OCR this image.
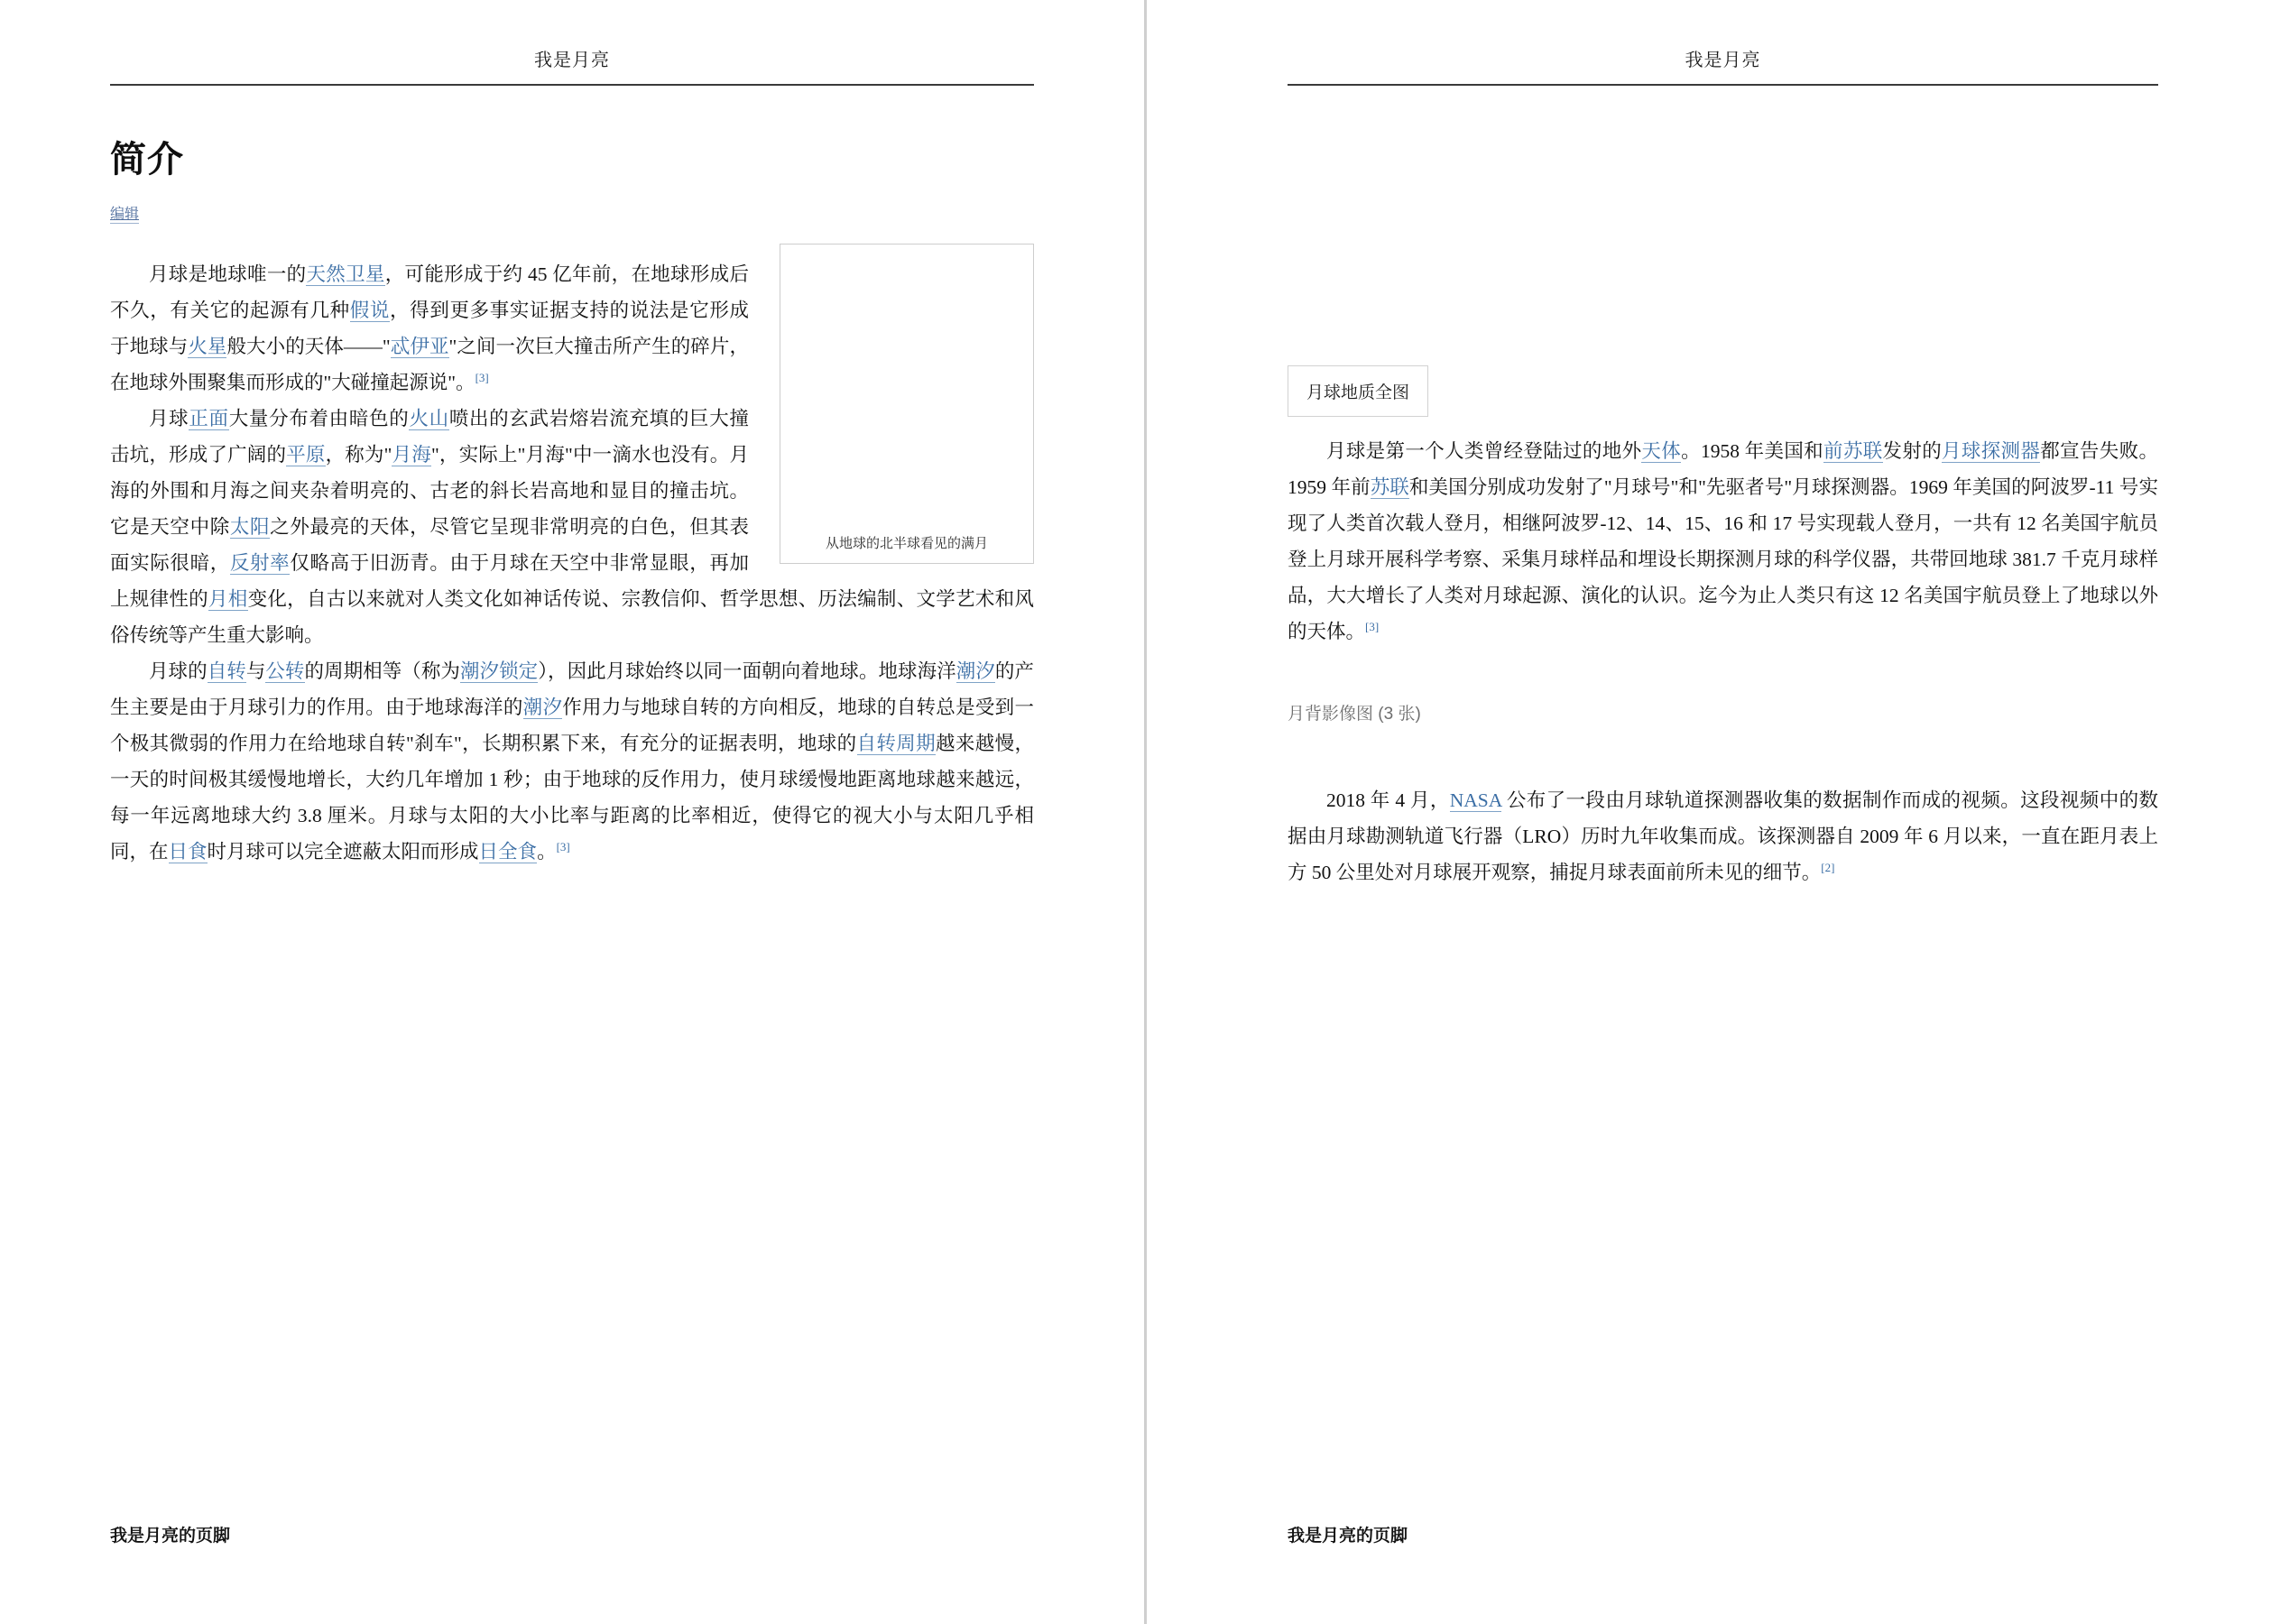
我是月亮
简介
编辑
从地球的北半球看见的满月

月球是地球唯一的天然卫星，可能形成于约 45 亿年前，在地球形成后不久，有关它的起源有几种假说，得到更多事实证据支持的说法是它形成于地球与火星般大小的天体——"忒伊亚"之间一次巨大撞击所产生的碎片，在地球外围聚集而形成的"大碰撞起源说"。[3]

月球正面大量分布着由暗色的火山喷出的玄武岩熔岩流充填的巨大撞击坑，形成了广阔的平原，称为"月海"，实际上"月海"中一滴水也没有。月海的外围和月海之间夹杂着明亮的、古老的斜长岩高地和显目的撞击坑。它是天空中除太阳之外最亮的天体，尽管它呈现非常明亮的白色，但其表面实际很暗，反射率仅略高于旧沥青。由于月球在天空中非常显眼，再加上规律性的月相变化，自古以来就对人类文化如神话传说、宗教信仰、哲学思想、历法编制、文学艺术和风俗传统等产生重大影响。

月球的自转与公转的周期相等（称为潮汐锁定），因此月球始终以同一面朝向着地球。地球海洋潮汐的产生主要是由于月球引力的作用。由于地球海洋的潮汐作用力与地球自转的方向相反，地球的自转总是受到一个极其微弱的作用力在给地球自转"刹车"，长期积累下来，有充分的证据表明，地球的自转周期越来越慢，一天的时间极其缓慢地增长，大约几年增加 1 秒；由于地球的反作用力，使月球缓慢地距离地球越来越远，每一年远离地球大约 3.8 厘米。月球与太阳的大小比率与距离的比率相近，使得它的视大小与太阳几乎相同，在日食时月球可以完全遮蔽太阳而形成日全食。[3]

我是月亮的页脚
我是月亮
月球地质全图

月球是第一个人类曾经登陆过的地外天体。1958 年美国和前苏联发射的月球探测器都宣告失败。1959 年前苏联和美国分别成功发射了"月球号"和"先驱者号"月球探测器。1969 年美国的阿波罗-11 号实现了人类首次载人登月，相继阿波罗-12、14、15、16 和 17 号实现载人登月，一共有 12 名美国宇航员登上月球开展科学考察、采集月球样品和埋设长期探测月球的科学仪器，共带回地球 381.7 千克月球样品，大大增长了人类对月球起源、演化的认识。迄今为止人类只有这 12 名美国宇航员登上了地球以外的天体。[3]

月背影像图 (3 张)

2018 年 4 月，NASA 公布了一段由月球轨道探测器收集的数据制作而成的视频。这段视频中的数据由月球勘测轨道飞行器（LRO）历时九年收集而成。该探测器自 2009 年 6 月以来，一直在距月表上方 50 公里处对月球展开观察，捕捉月球表面前所未见的细节。[2]

我是月亮的页脚
